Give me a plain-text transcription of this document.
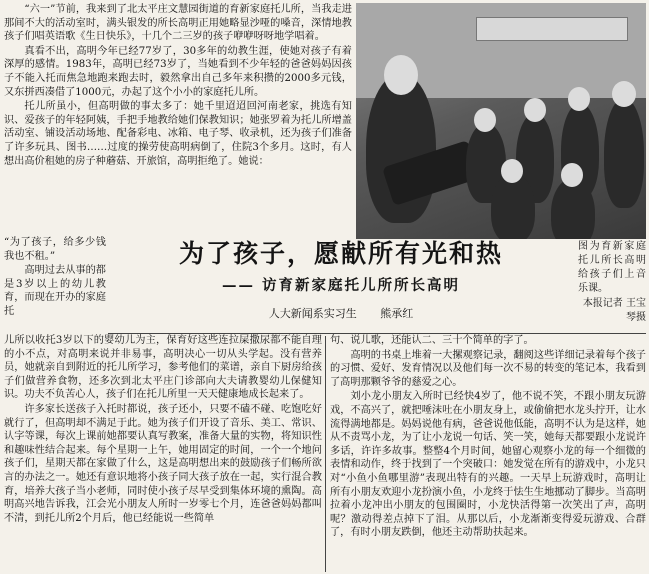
“六一”节前，我来到了北太平庄文慧园街道的育新家庭托儿所，当我走进那间不大的活动室时，满头银发的所长高明正用她略显沙哑的嗓音，深情地教孩子们唱英语歌《生日快乐》，十几个二三岁的孩子咿咿呀呀地学唱着。

真看不出，高明今年已经77岁了，30多年的幼教生涯，使她对孩子有着深厚的感情。1983年，高明已经73岁了，当她看到不少年轻的爸爸妈妈因孩子不能入托而焦急地跑来跑去时，毅然拿出自己多年来积攒的2000多元钱，又东拼西凑借了1000元，办起了这个小小的家庭托儿所。

托儿所虽小，但高明做的事太多了：她千里迢迢回河南老家，挑选有知识、爱孩子的年轻阿姨，手把手地教给她们保教知识；她张罗着为托儿所增盖活动室、铺设活动场地、配备彩电、冰箱、电子琴、收录机，还为孩子们准备了许多玩具、图书……过度的操劳使高明病倒了，住院3个多月。这时，有人想出高价租她的房子种蘑菇、开旅馆，高明拒绝了。她说：

“为了孩子，给多少钱我也不租。”

高明过去从事的都是3岁以上的幼儿教育，而现在开办的家庭托

为了孩子，愿献所有光和热
—— 访育新家庭托儿所所长高明
人大新闻系实习生 熊承红
图为育新家庭托儿所长高明给孩子们上音乐课。
本报记者 王宝琴摄

儿所以收托3岁以下的婴幼儿为主，保育好这些连拉屎撒尿都不能自理的小不点，对高明来说并非易事，高明决心一切从头学起。没有营养员，她就亲自到附近的托儿所学习，参考他们的菜谱，亲自下厨房给孩子们做营养食物，还多次到北太平庄门诊部向大夫请教婴幼儿保健知识。功夫不负苦心人，孩子们在托儿所里一天天健康地成长起来了。

许多家长送孩子入托时都说，孩子还小，只要不磕不碰、吃饱吃好就行了，但高明却不满足于此。她为孩子们开设了音乐、美工、常识、认字等课，每次上课前她都要认真写教案，准备大量的实物，将知识性和趣味性结合起来。每个星期一上午，她用固定的时间，一个一个地问孩子们，星期天都在家做了什么，这是高明想出来的鼓励孩子们畅所欲言的办法之一。她还有意识地将小孩子同大孩子放在一起，实行混合教育，培养大孩子当小老师，同时使小孩子尽早受到集体环境的熏陶。高明高兴地告诉我，江会光小朋友人所时一岁零七个月，连爸爸妈妈都叫不清，到托儿所2个月后，他已经能说一些简单

句、说儿歌，还能认二、三十个简单的字了。

高明的书桌上堆着一大摞观察记录，翻阅这些详细记录着每个孩子的习惯、爱好、发育情况以及他们每一次不易的转变的笔记本，我看到了高明那颗爷爷的慈爱之心。

刘小龙小朋友入所时已经快4岁了，他不说不笑，不跟小朋友玩游戏，不高兴了，就把唾沫吐在小朋友身上，或偷偷把水龙头拧开，让水流得满地都是。妈妈说他有病，爸爸说他低能，高明不认为是这样，她从不责骂小龙，为了让小龙说一句话、笑一笑，她每天都要跟小龙说许多话，许许多故事。整整4个月时间，她留心观察小龙的每一个细微的表情和动作，终于找到了一个突破口：她发觉在所有的游戏中，小龙只对“小鱼小鱼哪里游”表现出特有的兴趣。一天早上玩游戏时，高明让所有小朋友欢迎小龙扮演小鱼，小龙终于怯生生地挪动了脚步。当高明拉着小龙冲出小朋友的包围圈时，小龙快活得第一次笑出了声，高明呢？激动得差点掉下了泪。从那以后，小龙渐渐变得爱玩游戏、合群了，有时小朋友跌倒，他还主动帮助扶起来。
